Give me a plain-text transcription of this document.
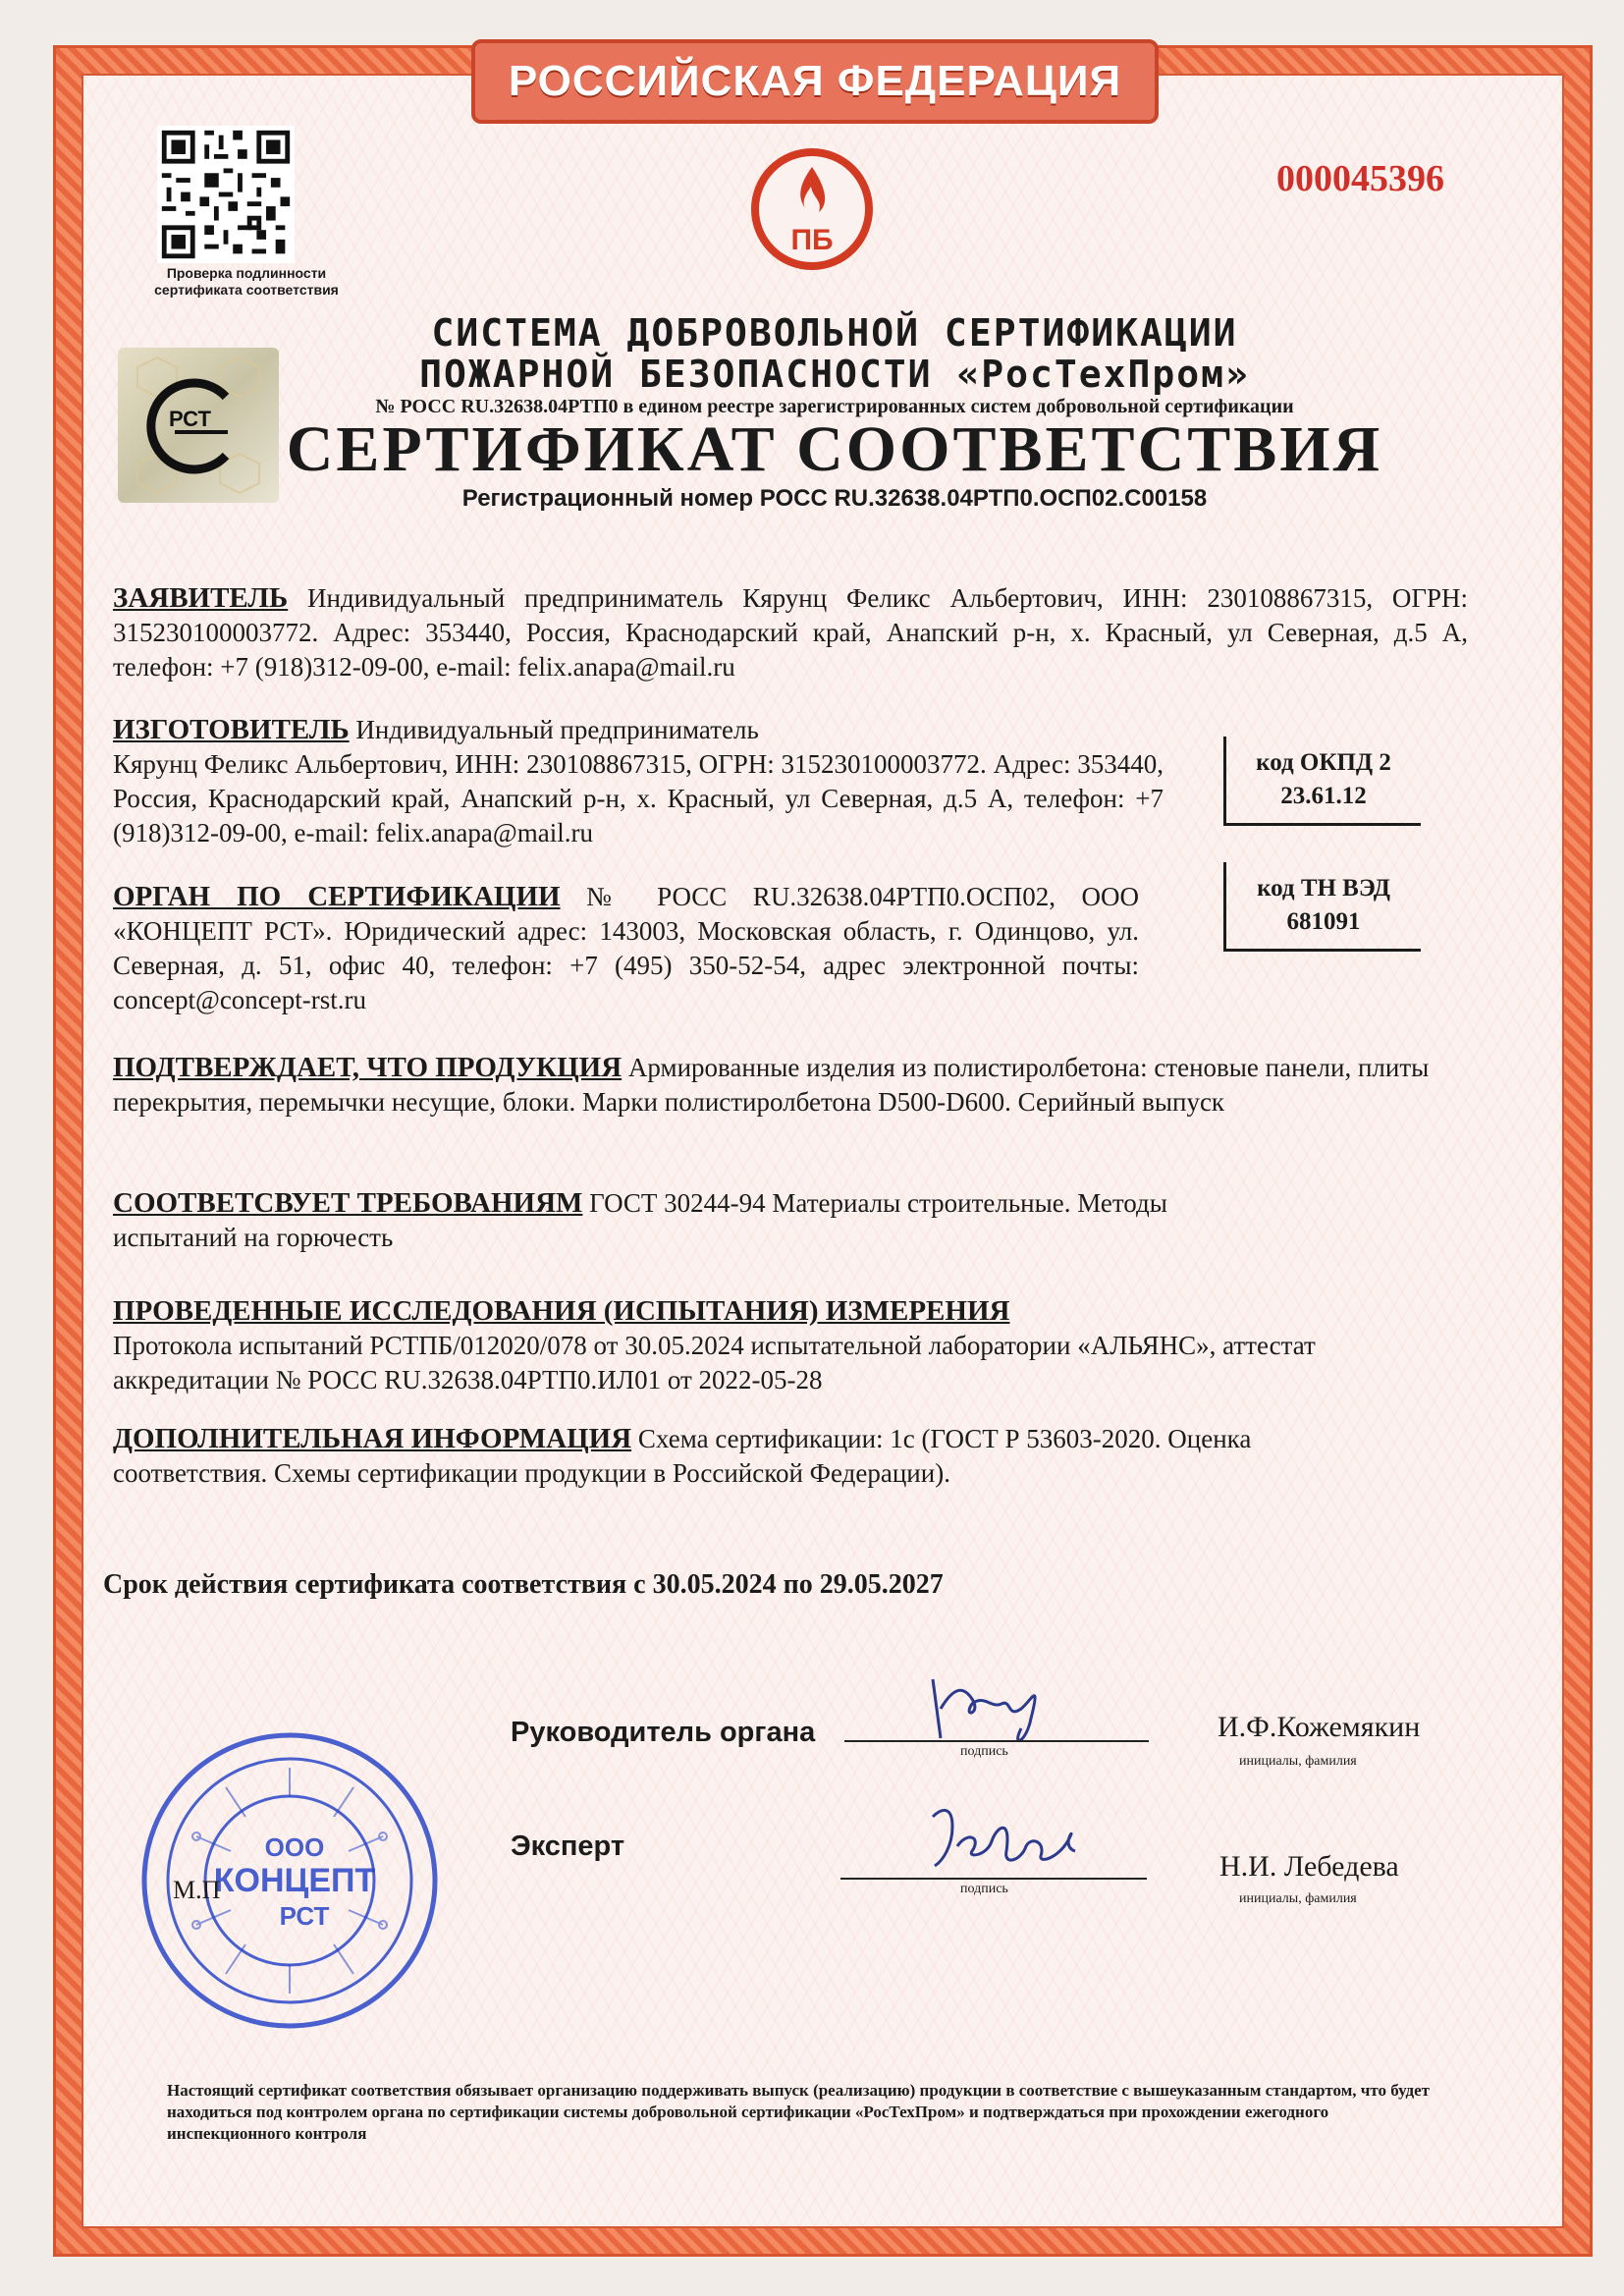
РОССИЙСКАЯ ФЕДЕРАЦИЯ
000045396
Проверка подлинности сертификата соответствия
ПБ
РСТ
СИСТЕМА ДОБРОВОЛЬНОЙ СЕРТИФИКАЦИИ
ПОЖАРНОЙ БЕЗОПАСНОСТИ «РосТехПром»
№ РОСС RU.32638.04РТП0 в едином реестре зарегистрированных систем добровольной сертификации
СЕРТИФИКАТ СООТВЕТСТВИЯ
Регистрационный номер РОСС RU.32638.04РТП0.ОСП02.С00158
ЗАЯВИТЕЛЬ Индивидуальный предприниматель Кярунц Феликс Альбертович, ИНН: 230108867315, ОГРН: 315230100003772. Адрес: 353440, Россия, Краснодарский край, Анапский р-н, х. Красный, ул Северная, д.5 А, телефон: +7 (918)312-09-00, e-mail: felix.anapa@mail.ru
ИЗГОТОВИТЕЛЬ Индивидуальный предприниматель
Кярунц Феликс Альбертович, ИНН: 230108867315, ОГРН: 315230100003772. Адрес: 353440, Россия, Краснодарский край, Анапский р-н, х. Красный, ул Северная, д.5 А, телефон: +7 (918)312-09-00, e-mail: felix.anapa@mail.ru
код ОКПД 2
23.61.12
код ТН ВЭД
681091
ОРГАН ПО СЕРТИФИКАЦИИ № РОСС RU.32638.04РТП0.ОСП02, ООО «КОНЦЕПТ РСТ». Юридический адрес: 143003, Московская область, г. Одинцово, ул. Северная, д. 51, офис 40, телефон: +7 (495) 350-52-54, адрес электронной почты: concept@concept-rst.ru
ПОДТВЕРЖДАЕТ, ЧТО ПРОДУКЦИЯ Армированные изделия из полистиролбетона: стеновые панели, плиты перекрытия, перемычки несущие, блоки. Марки полистиролбетона D500-D600. Серийный выпуск
СООТВЕТСВУЕТ ТРЕБОВАНИЯМ ГОСТ 30244-94 Материалы строительные. Методы испытаний на горючесть
ПРОВЕДЕННЫЕ ИССЛЕДОВАНИЯ (ИСПЫТАНИЯ) ИЗМЕРЕНИЯ
Протокола испытаний РСТПБ/012020/078 от 30.05.2024 испытательной лаборатории «АЛЬЯНС», аттестат аккредитации № РОСС RU.32638.04РТП0.ИЛ01 от 2022-05-28
ДОПОЛНИТЕЛЬНАЯ ИНФОРМАЦИЯ Схема сертификации: 1с (ГОСТ Р 53603-2020. Оценка соответствия. Схемы сертификации продукции в Российской Федерации).
Срок действия сертификата соответствия с 30.05.2024 по 29.05.2027
Руководитель органа
подпись
И.Ф.Кожемякин
инициалы, фамилия
Эксперт
подпись
Н.И. Лебедева
инициалы, фамилия
ООО
КОНЦЕПТ
РСТ
М.П
Настоящий сертификат соответствия обязывает организацию поддерживать выпуск (реализацию) продукции в соответствие с вышеуказанным стандартом, что будет находиться под контролем органа по сертификации системы добровольной сертификации «РосТехПром» и подтверждаться при прохождении ежегодного инспекционного контроля
